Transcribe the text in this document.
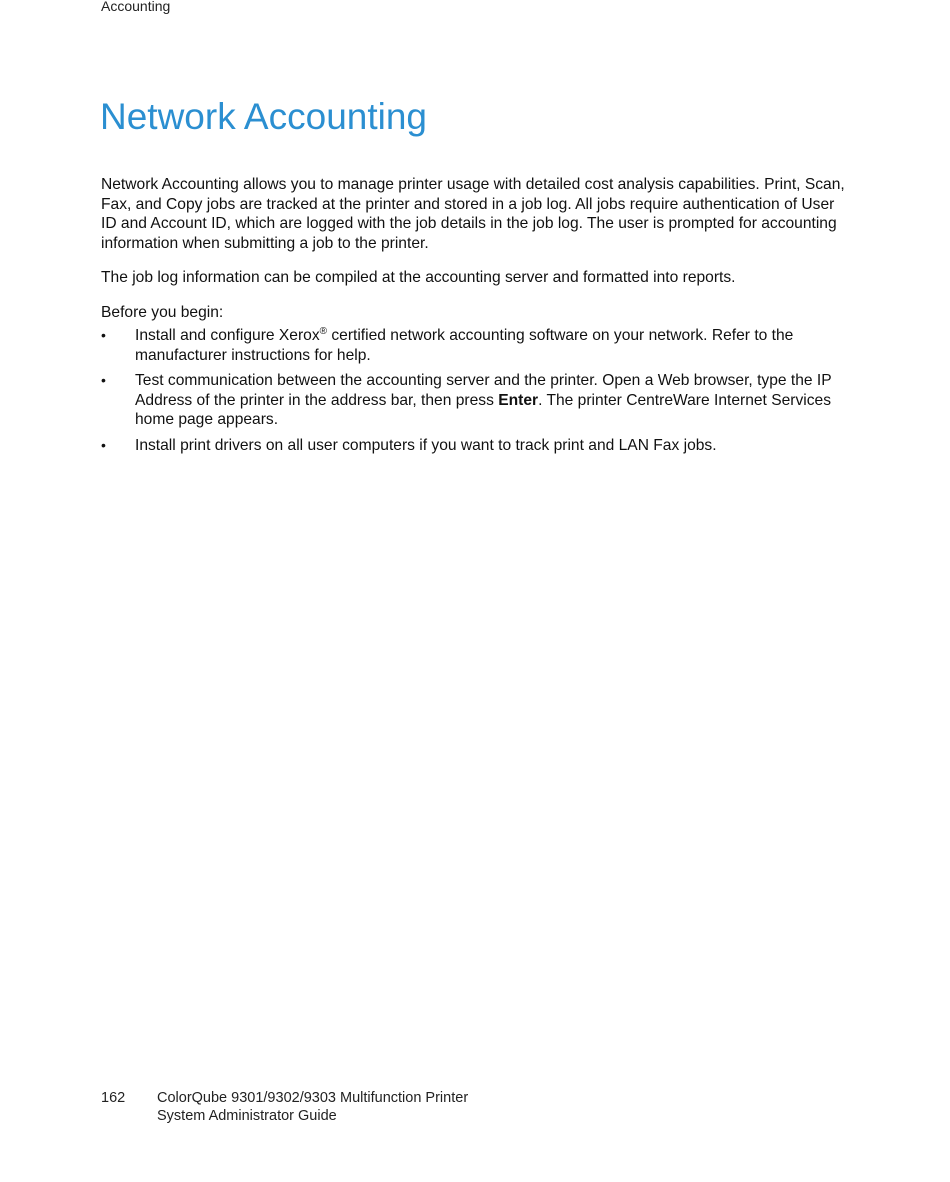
Accounting
Network Accounting

Network Accounting allows you to manage printer usage with detailed cost analysis capabilities. Print, Scan, Fax, and Copy jobs are tracked at the printer and stored in a job log. All jobs require authentication of User ID and Account ID, which are logged with the job details in the job log. The user is prompted for accounting information when submitting a job to the printer.

The job log information can be compiled at the accounting server and formatted into reports.

Before you begin:

•	Install and configure Xerox® certified network accounting software on your network. Refer to the manufacturer instructions for help.
•	Test communication between the accounting server and the printer. Open a Web browser, type the IP Address of the printer in the address bar, then press Enter. The printer CentreWare Internet Services home page appears.
•	Install print drivers on all user computers if you want to track print and LAN Fax jobs.
162	ColorQube 9301/9302/9303 Multifunction Printer
System Administrator Guide
